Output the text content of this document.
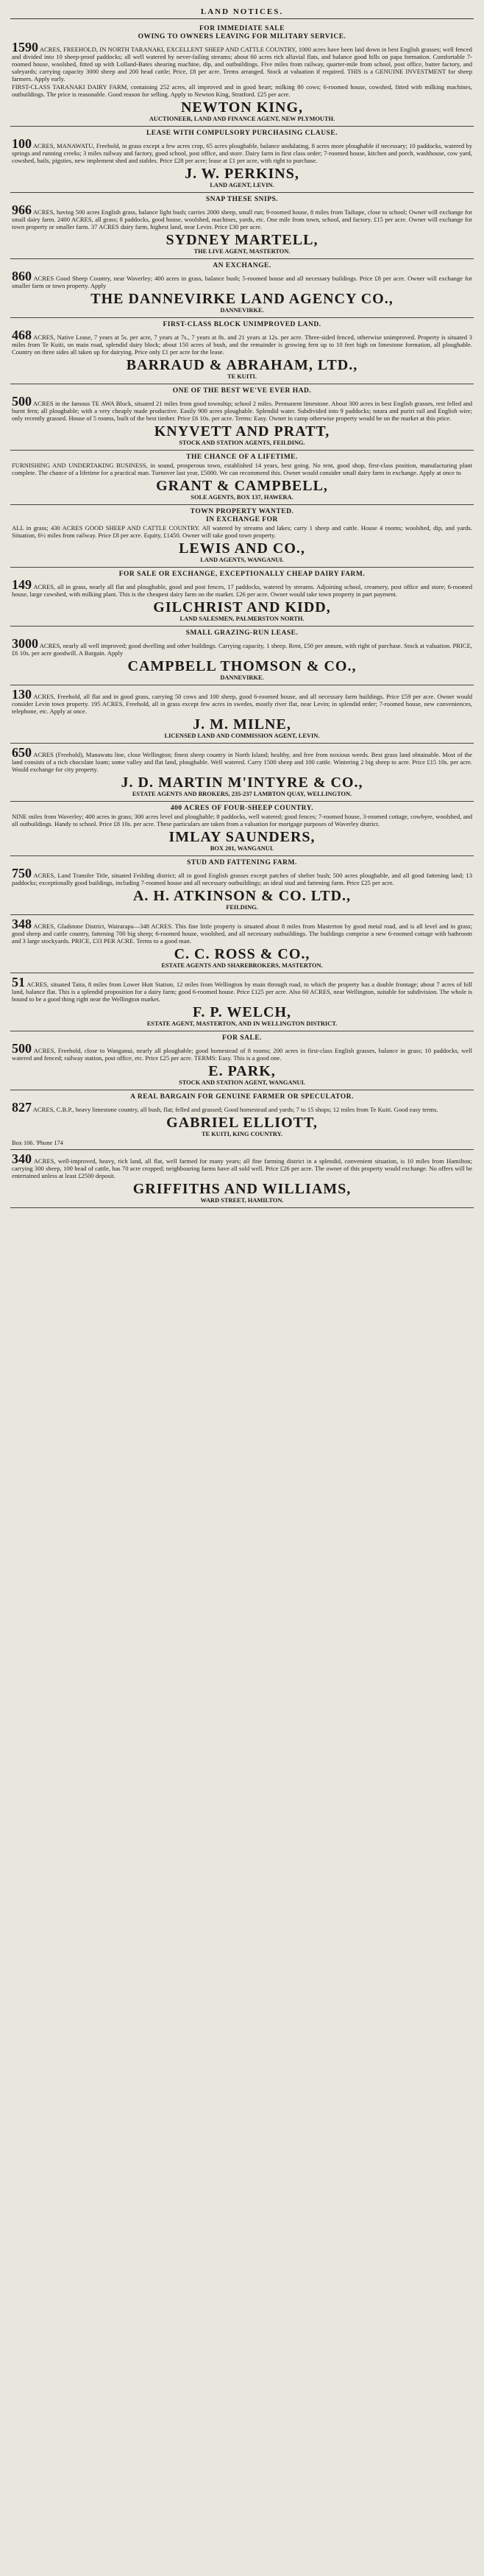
LAND NOTICES.
FOR IMMEDIATE SALE
OWING TO OWNERS LEAVING FOR MILITARY SERVICE.
1590 ACRES, FREEHOLD, IN NORTH TARANAKI, EXCELLENT SHEEP AND CATTLE COUNTRY, 1000 acres have been laid down in best English grasses; well fenced and divided into 10 sheep-proof paddocks; all well watered by never-failing streams; about 60 acres rich alluvial flats, and balance good hills on papa formation. Comfortable 7-roomed house, woolshed, fitted up with Lolland-Bates shearing machine, dip, and outbuildings. Five miles from railway, quarter-mile from school, post office, butter factory, and saleyards; carrying capacity 3000 sheep and 200 head cattle; Price, £8 per acre. Terms arranged. Stock at valuation if required. THIS is a GENUINE INVESTMENT for sheep farmers. Apply early.
FIRST-CLASS TARANAKI DAIRY FARM, containing 252 acres, all improved and in good heart; milking 80 cows; 6-roomed house, cowshed, fitted with milking machines, outbuildings. The price is reasonable. Good reason for selling. Apply to Newton King, Stratford. £25 per acre.
NEWTON KING,
AUCTIONEER, LAND AND FINANCE AGENT, NEW PLYMOUTH.
LEASE WITH COMPULSORY PURCHASING CLAUSE.
100 ACRES, MANAWATU, Freehold, in grass except a few acres crop, 65 acres ploughable, balance undulating, 8 acres more ploughable if necessary; 10 paddocks, watered by springs and running creeks; 3 miles railway and factory, good school, post office, and store. Dairy farm in first class order; 7-roomed house, kitchen and porch, washhouse, cow yard, cowshed, bails, pigsties, new implement shed and stables. Price £28 per acre; lease at £1 per acre, with right to purchase.
J. W. PERKINS,
LAND AGENT, LEVIN.
SNAP THESE SNIPS.
966 ACRES, having 500 acres English grass, balance light bush; carries 2000 sheep, small run; 9-roomed house, 8 miles from Taihape, close to school; Owner will exchange for small dairy farm. 2400 ACRES, all grass; 8 paddocks, good house, woolshed, machines, yards, etc. One mile from town, school, and factory. £15 per acre. Owner will exchange for town property or smaller farm. 37 ACRES dairy farm, highest land, near Levin. Price £30 per acre.
SYDNEY MARTELL,
THE LIVE AGENT, MASTERTON.
AN EXCHANGE.
860 ACRES Good Sheep Country, near Waverley; 400 acres in grass, balance bush; 5-roomed house and all necessary buildings. Price £8 per acre. Owner will exchange for smaller farm or town property. Apply
THE DANNEVIRKE LAND AGENCY CO.,
DANNEVIRKE.
FIRST-CLASS BLOCK UNIMPROVED LAND.
468 ACRES, Native Lease, 7 years at 5s. per acre, 7 years at 7s., 7 years at 8s. and 21 years at 12s. per acre. Three-sided fenced, otherwise unimproved. Property is situated 3 miles from Te Kuiti, on main road, splendid dairy block; about 150 acres of bush, and the remainder is growing fern up to 10 feet high on limestone formation, all ploughable. Country on three sides all taken up for dairying. Price only £1 per acre for the lease.
BARRAUD & ABRAHAM, LTD.,
TE KUITI.
ONE OF THE BEST WE'VE EVER HAD.
500 ACRES in the famous TE AWA Block, situated 21 miles from good township; school 2 miles. Permanent limestone. About 300 acres in best English grasses, rest felled and burnt fern; all ploughable; with a very cheaply made productive. Easily 900 acres ploughable. Splendid water. Subdivided into 9 paddocks; totara and puriri rail and English wire; only recently grassed. House of 5 rooms, built of the best timber. Price £6 10s. per acre. Terms: Easy. Owner in camp otherwise property would be on the market at this price.
KNYVETT AND PRATT,
STOCK AND STATION AGENTS, FEILDING.
THE CHANCE OF A LIFETIME.
FURNISHING AND UNDERTAKING BUSINESS, in sound, prosperous town, established 14 years, best going. No rent, good shop, first-class position, manufacturing plant complete. The chance of a lifetime for a practical man. Turnover last year, £5000. We can recommend this. Owner would consider small dairy farm in exchange. Apply at once to
GRANT & CAMPBELL,
SOLE AGENTS, BOX 137, HAWERA.
TOWN PROPERTY WANTED.
IN EXCHANGE FOR
ALL in grass; 430 ACRES GOOD SHEEP AND CATTLE COUNTRY. All watered by streams and lakes; carry 1 sheep and cattle. House 4 rooms; woolshed, dip, and yards. Situation, 6½ miles from railway. Price £8 per acre. Equity, £1450. Owner will take good town property.
LEWIS AND CO.,
LAND AGENTS, WANGANUI.
FOR SALE OR EXCHANGE, EXCEPTIONALLY CHEAP DAIRY FARM.
149 ACRES, all in grass, nearly all flat and ploughable, good and post fences, 17 paddocks, watered by streams. Adjoining school, creamery, post office and store; 6-roomed house, large cowshed, with milking plant. This is the cheapest dairy farm on the market. £26 per acre. Owner would take town property in part payment.
GILCHRIST AND KIDD,
LAND SALESMEN, PALMERSTON NORTH.
SMALL GRAZING-RUN LEASE.
3000 ACRES, nearly all well improved; good dwelling and other buildings. Carrying capacity, 1 sheep. Rent, £50 per annum, with right of purchase. Stock at valuation. PRICE, £6 10s. per acre goodwill. A Bargain. Apply
CAMPBELL THOMSON & CO.,
DANNEVIRKE.
130 ACRES, Freehold, all flat and in good grass, carrying 50 cows and 100 sheep, good 6-roomed house, and all necessary farm buildings. Price £59 per acre. Owner would consider Levin town property. 195 ACRES, Freehold, all in grass except few acres in swedes, mostly river flat, near Levin; in splendid order; 7-roomed house, new conveniences, telephone, etc. Apply at once.
J. M. MILNE,
LICENSED LAND AND COMMISSION AGENT, LEVIN.
650 ACRES (Freehold), Manawatu line, close Wellington; finest sheep country in North Island; healthy, and free from noxious weeds. Best grass land obtainable. Most of the land consists of a rich chocolate loam; some valley and flat land, ploughable. Well watered. Carry 1500 sheep and 100 cattle. Wintering 2 big sheep to acre. Price £15 10s. per acre. Would exchange for city property.
J. D. MARTIN M'INTYRE & CO.,
ESTATE AGENTS AND BROKERS, 235-237 LAMBTON QUAY, WELLINGTON.
400 ACRES OF FOUR-SHEEP COUNTRY.
NINE miles from Waverley; 400 acres in grass; 300 acres level and ploughable; 8 paddocks, well watered; good fences; 7-roomed house, 3-roomed cottage, cowbyre, woolshed, and all outbuildings. Handy to school. Price £8 10s. per acre. These particulars are taken from a valuation for mortgage purposes of Waverley district.
IMLAY SAUNDERS,
BOX 201, WANGANUI.
STUD AND FATTENING FARM.
750 ACRES, Land Transfer Title, situated Feilding district; all in good English grasses except patches of shelter bush; 500 acres ploughable, and all good fattening land; 13 paddocks; exceptionally good buildings, including 7-roomed house and all necessary outbuildings; an ideal stud and fattening farm. Price £25 per acre.
A. H. ATKINSON & CO. LTD.,
FEILDING.
348 ACRES, Gladstone District, Wairarapa—348 ACRES. This fine little property is situated about 8 miles from Masterton by good metal road, and is all level and in grass; good sheep and cattle country, fattening 700 big sheep; 6-roomed house, woolshed, and all necessary outbuildings. The buildings comprise a new 6-roomed cottage with bathroom and 3 large stockyards. PRICE, £33 PER ACRE. Terms to a good man.
C. C. ROSS & CO.,
ESTATE AGENTS AND SHAREBROKERS, MASTERTON.
51 ACRES, situated Taita, 8 miles from Lower Hutt Station, 12 miles from Wellington by main through road, to which the property has a double frontage; about 7 acres of hill land, balance flat. This is a splendid proposition for a dairy farm; good 6-roomed house. Price £125 per acre. Also 60 ACRES, near Wellington, suitable for subdivision. The whole is bound to be a good thing right near the Wellington market.
F. P. WELCH,
ESTATE AGENT, MASTERTON, AND IN WELLINGTON DISTRICT.
FOR SALE.
500 ACRES, Freehold, close to Wanganui, nearly all ploughable; good homestead of 8 rooms; 200 acres in first-class English grasses, balance in grass; 10 paddocks, well watered and fenced; railway station, post office, etc. Price £25 per acre. TERMS: Easy. This is a good one.
E. PARK,
STOCK AND STATION AGENT, WANGANUI.
A REAL BARGAIN FOR GENUINE FARMER OR SPECULATOR.
827 ACRES, C.B.P., heavy limestone country, all bush, flat; felled and grassed; Good homestead and yards; 7 to 15 shops; 12 miles from Te Kuiti. Good easy terms.
GABRIEL ELLIOTT,
TE KUITI, KING COUNTRY.
Box 106. 'Phone 174
340 ACRES, well-improved, heavy, rich land, all flat, well farmed for many years; all fine farming district in a splendid, convenient situation, is 10 miles from Hamilton; carrying 300 sheep, 100 head of cattle, has 70 acre cropped; neighbouring farms have all sold well. Price £26 per acre. The owner of this property would exchange. No offers will be entertained unless at least £2500 deposit.
GRIFFITHS AND WILLIAMS,
WARD STREET, HAMILTON.
